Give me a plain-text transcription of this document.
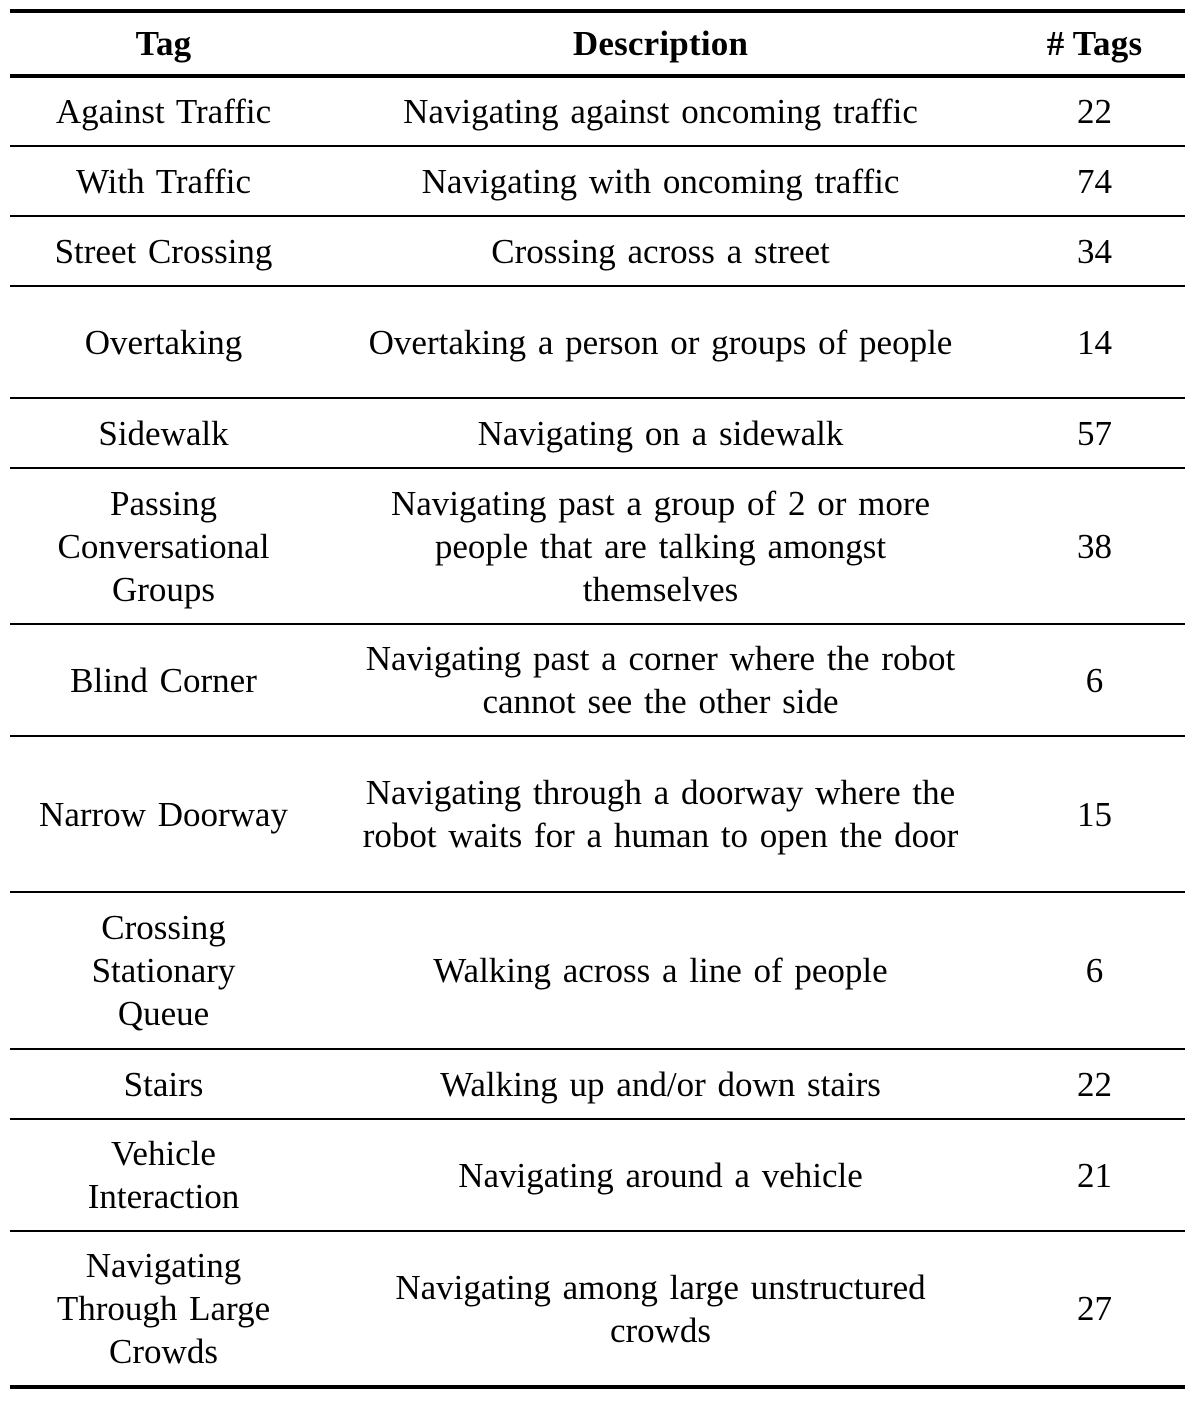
Tag	Description	# Tags
Against Traffic	Navigating against oncoming traffic	22
With Traffic	Navigating with oncoming traffic	74
Street Crossing	Crossing across a street	34
Overtaking	Overtaking a person or groups of people	14
Sidewalk	Navigating on a sidewalk	57
Passing Conversational Groups	Navigating past a group of 2 or more people that are talking amongst themselves	38
Blind Corner	Navigating past a corner where the robot cannot see the other side	6
Narrow Doorway	Navigating through a doorway where the robot waits for a human to open the door	15
Crossing Stationary Queue	Walking across a line of people	6
Stairs	Walking up and/or down stairs	22
Vehicle Interaction	Navigating around a vehicle	21
Navigating Through Large Crowds	Navigating among large unstructured crowds	27
